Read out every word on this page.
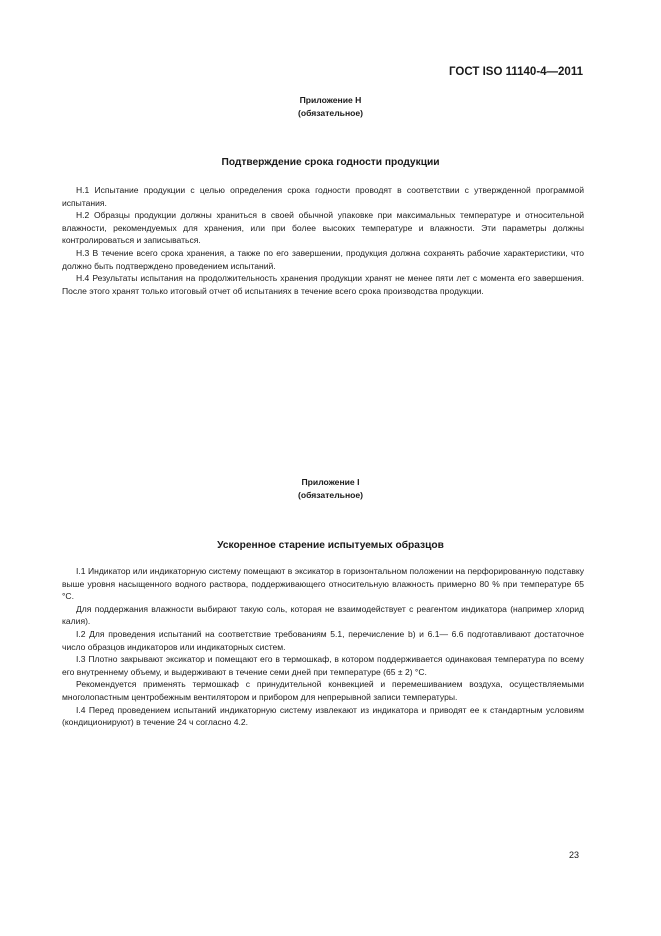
ГОСТ ISO 11140-4—2011
Приложение Н
(обязательное)
Подтверждение срока годности продукции

Н.1 Испытание продукции с целью определения срока годности проводят в соответствии с утвержденной программой испытания.

Н.2 Образцы продукции должны храниться в своей обычной упаковке при максимальных температуре и относительной влажности, рекомендуемых для хранения, или при более высоких температуре и влажности. Эти параметры должны контролироваться и записываться.

Н.3 В течение всего срока хранения, а также по его завершении, продукция должна сохранять рабочие характеристики, что должно быть подтверждено проведением испытаний.

Н.4 Результаты испытания на продолжительность хранения продукции хранят не менее пяти лет с момента его завершения. После этого хранят только итоговый отчет об испытаниях в течение всего срока производства продукции.

Приложение I
(обязательное)
Ускоренное старение испытуемых образцов

I.1 Индикатор или индикаторную систему помещают в эксикатор в горизонтальном положении на перфорированную подставку выше уровня насыщенного водного раствора, поддерживающего относительную влажность примерно 80 % при температуре 65 °С.

Для поддержания влажности выбирают такую соль, которая не взаимодействует с реагентом индикатора (например хлорид калия).

I.2 Для проведения испытаний на соответствие требованиям 5.1, перечисление b) и 6.1— 6.6 подготавливают достаточное число образцов индикаторов или индикаторных систем.

I.3 Плотно закрывают эксикатор и помещают его в термошкаф, в котором поддерживается одинаковая температура по всему его внутреннему объему, и выдерживают в течение семи дней при температуре (65 ± 2) °С.

Рекомендуется применять термошкаф с принудительной конвекцией и перемешиванием воздуха, осуществляемыми многолопастным центробежным вентилятором и прибором для непрерывной записи температуры.

I.4 Перед проведением испытаний индикаторную систему извлекают из индикатора и приводят ее к стандартным условиям (кондиционируют) в течение 24 ч согласно 4.2.

23
